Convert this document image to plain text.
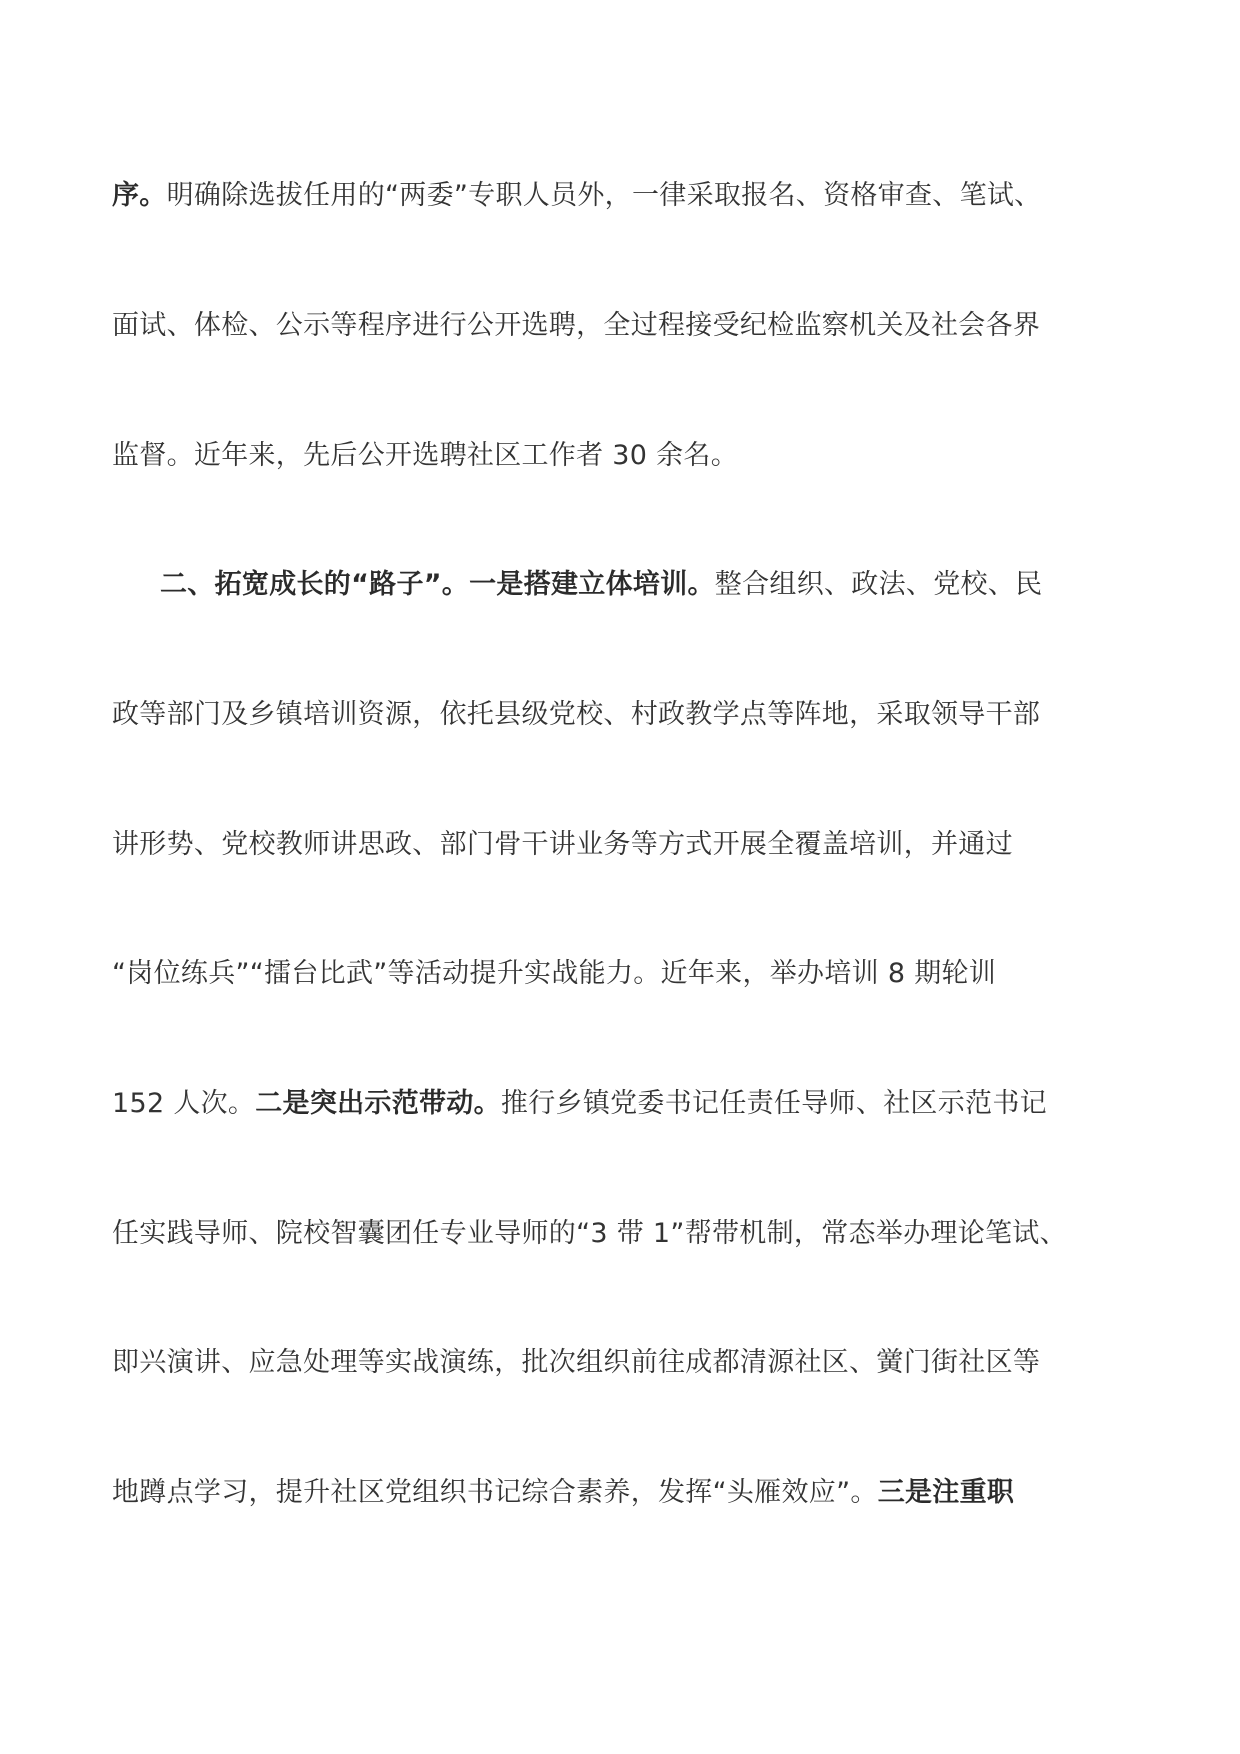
序。明确除选拔任用的“两委”专职人员外，一律采取报名、资格审查、笔试、
面试、体检、公示等程序进行公开选聘，全过程接受纪检监察机关及社会各界
监督。近年来，先后公开选聘社区工作者 30 余名。
二、拓宽成长的“路子”。一是搭建立体培训。整合组织、政法、党校、民
政等部门及乡镇培训资源，依托县级党校、村政教学点等阵地，采取领导干部
讲形势、党校教师讲思政、部门骨干讲业务等方式开展全覆盖培训，并通过
“岗位练兵”“擂台比武”等活动提升实战能力。近年来，举办培训 8 期轮训
152 人次。二是突出示范带动。推行乡镇党委书记任责任导师、社区示范书记
任实践导师、院校智囊团任专业导师的“3 带 1”帮带机制，常态举办理论笔试、
即兴演讲、应急处理等实战演练，批次组织前往成都清源社区、黉门街社区等
地蹲点学习，提升社区党组织书记综合素养，发挥“头雁效应”。三是注重职
